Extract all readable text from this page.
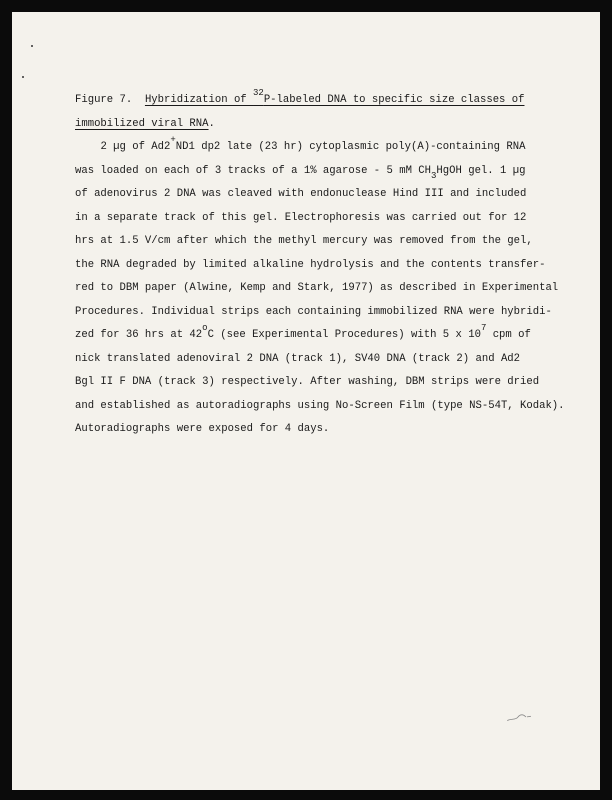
Figure 7. Hybridization of $^{32}$P-labeled DNA to specific size classes of
immobilized viral RNA.
2 µg of Ad2+ND1 dp2 late (23 hr) cytoplasmic poly(A)-containing RNA
was loaded on each of 3 tracks of a 1% agarose - 5 mM $CH_3HgOH$ gel. 1 µg
of adenovirus 2 DNA was cleaved with endonuclease Hind III and included
in a separate track of this gel. Electrophoresis was carried out for 12
hrs at 1.5 V/cm after which the methyl mercury was removed from the gel,
the RNA degraded by limited alkaline hydrolysis and the contents transfer-
red to DBM paper (Alwine, Kemp and Stark, 1977) as described in Experimental
Procedures. Individual strips each containing immobilized RNA were hybridi-
zed for 36 hrs at 42$^o$C (see Experimental Procedures) with 5 x $10^7$ cpm of
nick translated adenoviral 2 DNA (track 1), SV40 DNA (track 2) and Ad2
Bgl II F DNA (track 3) respectively. After washing, DBM strips were dried
and established as autoradiographs using No-Screen Film (type NS-54T, Kodak).
Autoradiographs were exposed for 4 days.
